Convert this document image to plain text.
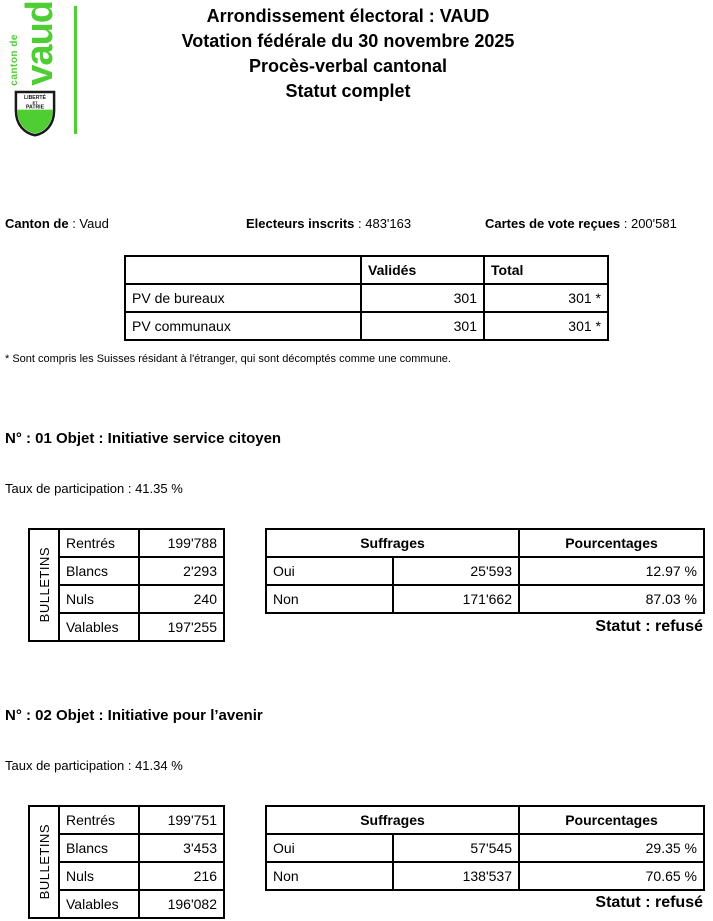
canton de vaud
LIBERTÉ
ET
PATRIE
Arrondissement électoral : VAUD
Votation fédérale du 30 novembre 2025
Procès-verbal cantonal
Statut complet
Canton de : Vaud	Electeurs inscrits : 483'163	Cartes de vote reçues : 200'581
	Validés	Total
PV de bureaux	301	301 *
PV communaux	301	301 *
* Sont compris les Suisses résidant à l'étranger, qui sont décomptés comme une commune.
N° : 01 Objet : Initiative service citoyen
Taux de participation : 41.35 %
BULLETINS	Rentrés	199'788
	Blancs	2'293
	Nuls	240
	Valables	197'255
Suffrages		Pourcentages
Oui	25'593	12.97 %
Non	171'662	87.03 %
Statut : refusé
N° : 02 Objet : Initiative pour l’avenir
Taux de participation : 41.34 %
BULLETINS	Rentrés	199'751
	Blancs	3'453
	Nuls	216
	Valables	196'082
Suffrages		Pourcentages
Oui	57'545	29.35 %
Non	138'537	70.65 %
Statut : refusé
